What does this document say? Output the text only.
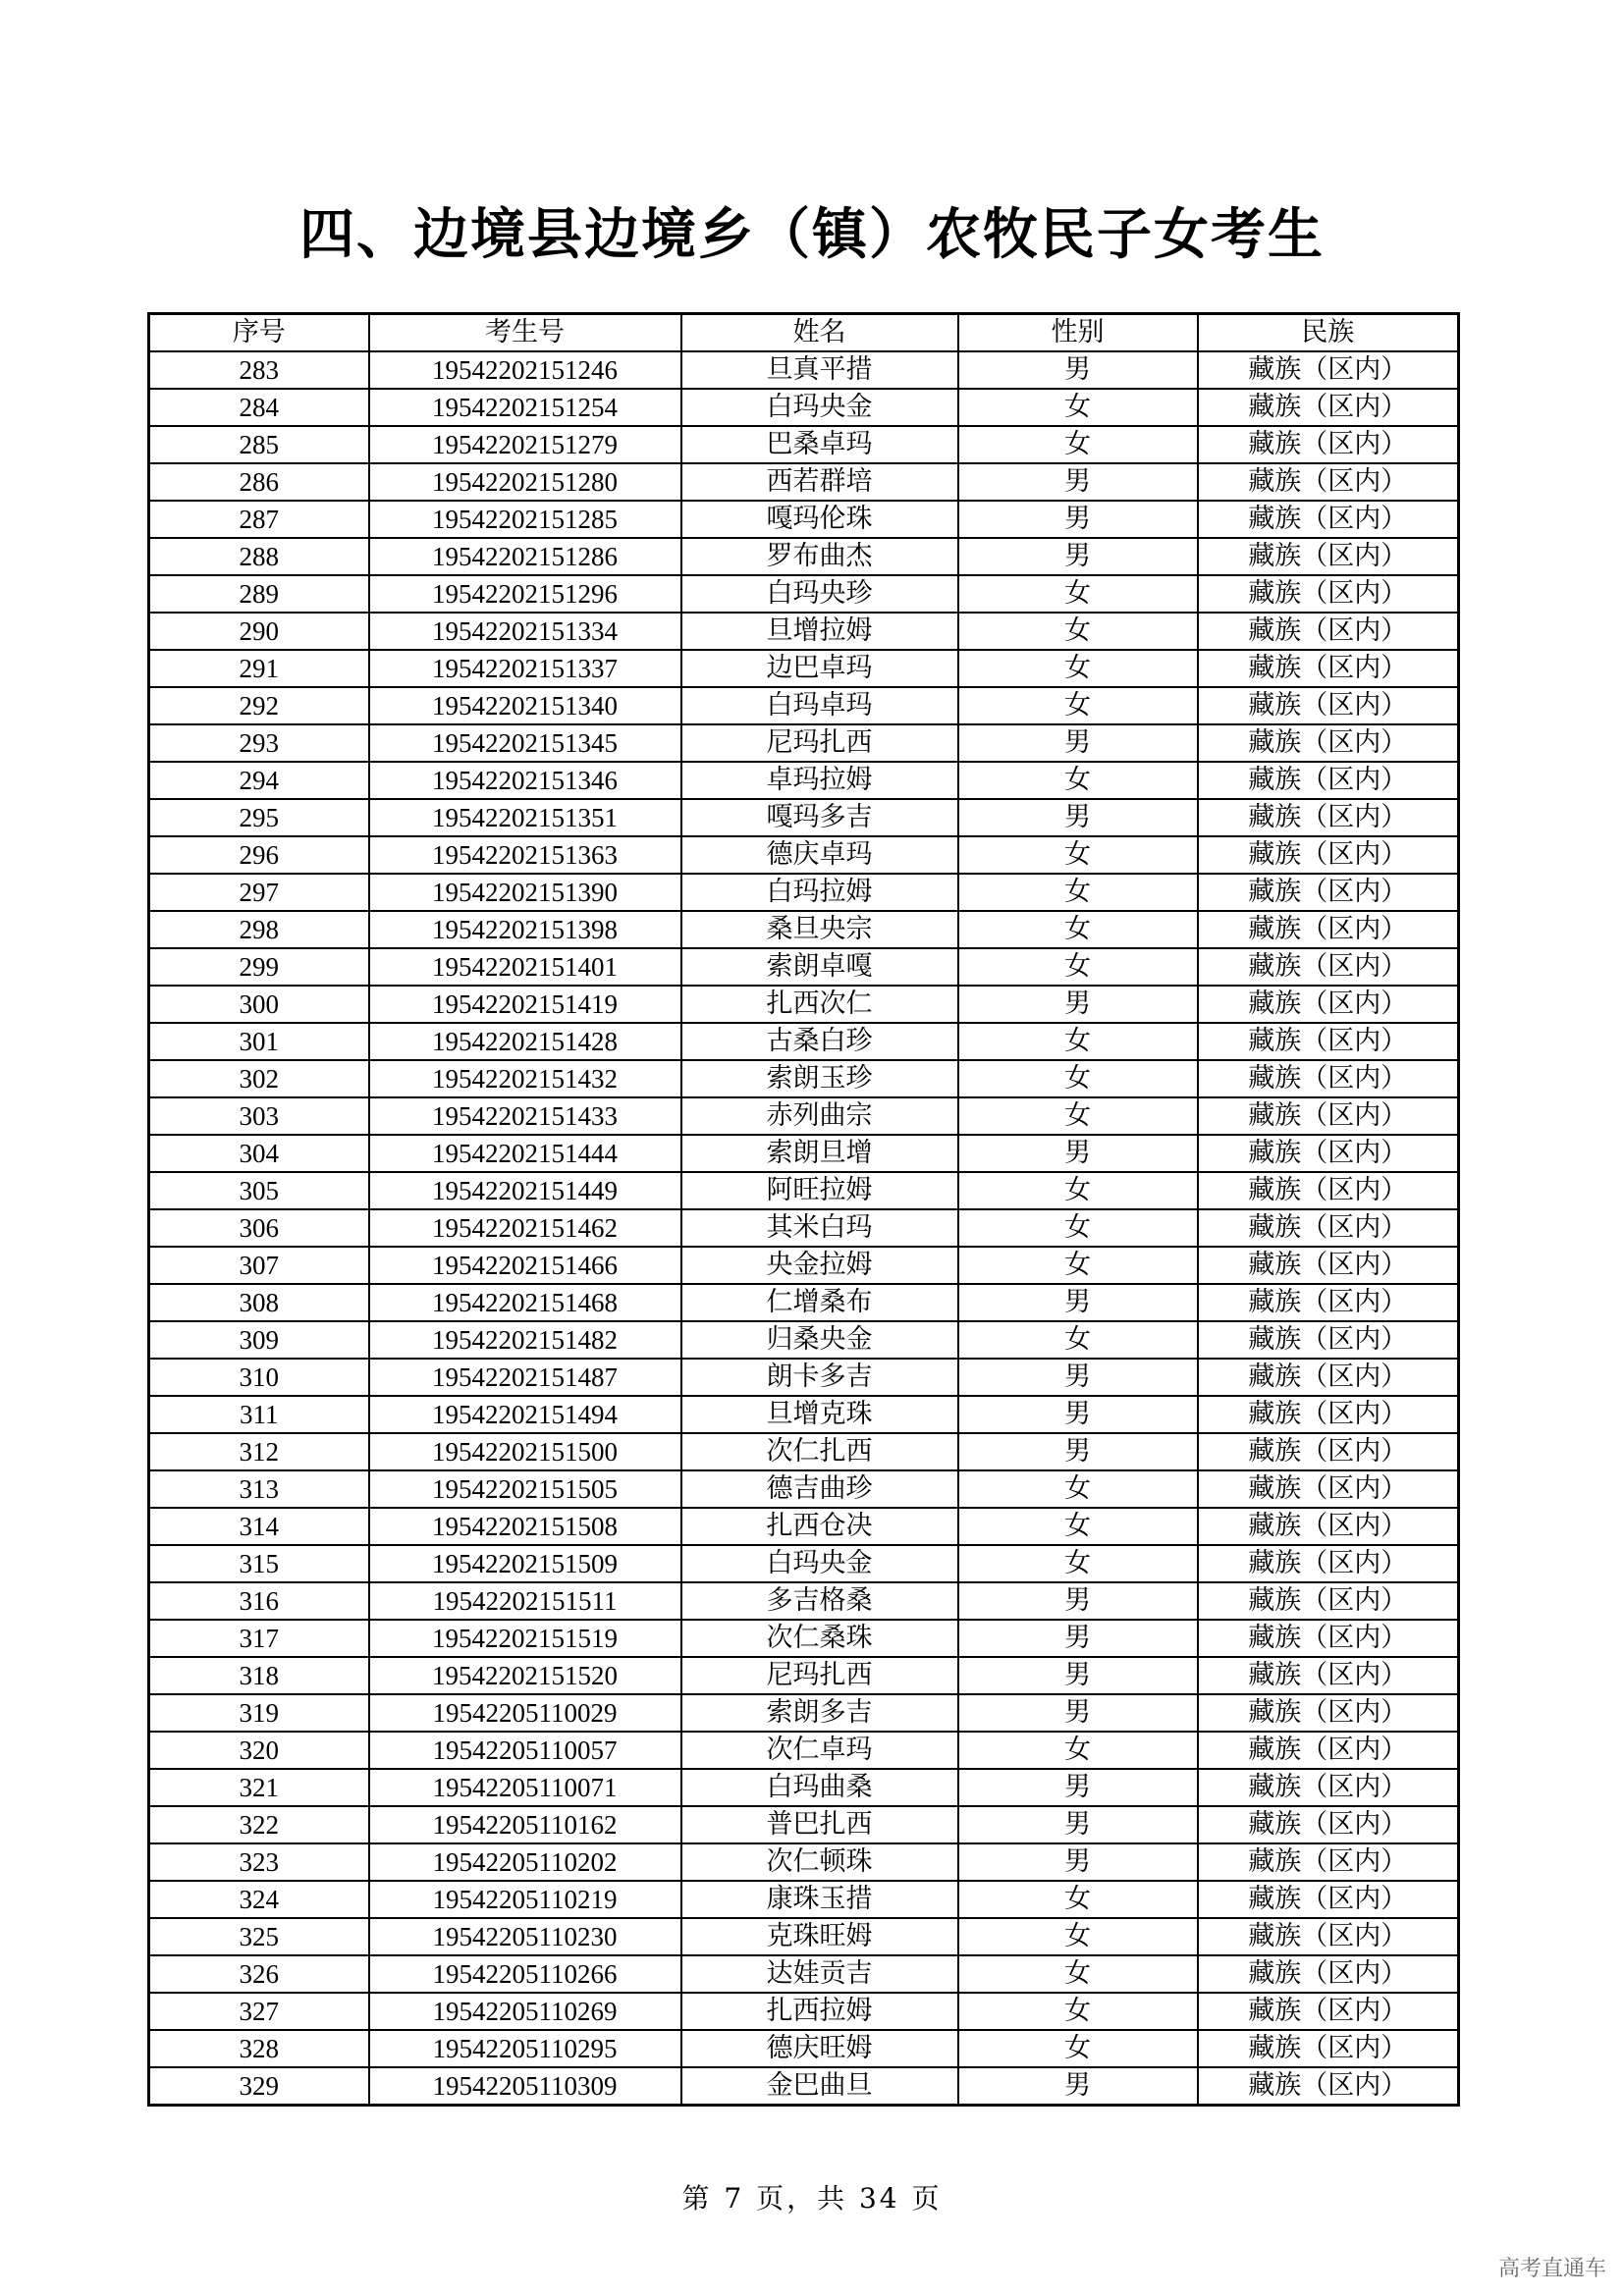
四、边境县边境乡（镇）农牧民子女考生
序号	考生号	姓名	性别	民族
283	19542202151246	旦真平措	男	藏族（区内）
284	19542202151254	白玛央金	女	藏族（区内）
285	19542202151279	巴桑卓玛	女	藏族（区内）
286	19542202151280	西若群培	男	藏族（区内）
287	19542202151285	嘎玛伦珠	男	藏族（区内）
288	19542202151286	罗布曲杰	男	藏族（区内）
289	19542202151296	白玛央珍	女	藏族（区内）
290	19542202151334	旦增拉姆	女	藏族（区内）
291	19542202151337	边巴卓玛	女	藏族（区内）
292	19542202151340	白玛卓玛	女	藏族（区内）
293	19542202151345	尼玛扎西	男	藏族（区内）
294	19542202151346	卓玛拉姆	女	藏族（区内）
295	19542202151351	嘎玛多吉	男	藏族（区内）
296	19542202151363	德庆卓玛	女	藏族（区内）
297	19542202151390	白玛拉姆	女	藏族（区内）
298	19542202151398	桑旦央宗	女	藏族（区内）
299	19542202151401	索朗卓嘎	女	藏族（区内）
300	19542202151419	扎西次仁	男	藏族（区内）
301	19542202151428	古桑白珍	女	藏族（区内）
302	19542202151432	索朗玉珍	女	藏族（区内）
303	19542202151433	赤列曲宗	女	藏族（区内）
304	19542202151444	索朗旦增	男	藏族（区内）
305	19542202151449	阿旺拉姆	女	藏族（区内）
306	19542202151462	其米白玛	女	藏族（区内）
307	19542202151466	央金拉姆	女	藏族（区内）
308	19542202151468	仁增桑布	男	藏族（区内）
309	19542202151482	归桑央金	女	藏族（区内）
310	19542202151487	朗卡多吉	男	藏族（区内）
311	19542202151494	旦增克珠	男	藏族（区内）
312	19542202151500	次仁扎西	男	藏族（区内）
313	19542202151505	德吉曲珍	女	藏族（区内）
314	19542202151508	扎西仓决	女	藏族（区内）
315	19542202151509	白玛央金	女	藏族（区内）
316	19542202151511	多吉格桑	男	藏族（区内）
317	19542202151519	次仁桑珠	男	藏族（区内）
318	19542202151520	尼玛扎西	男	藏族（区内）
319	19542205110029	索朗多吉	男	藏族（区内）
320	19542205110057	次仁卓玛	女	藏族（区内）
321	19542205110071	白玛曲桑	男	藏族（区内）
322	19542205110162	普巴扎西	男	藏族（区内）
323	19542205110202	次仁顿珠	男	藏族（区内）
324	19542205110219	康珠玉措	女	藏族（区内）
325	19542205110230	克珠旺姆	女	藏族（区内）
326	19542205110266	达娃贡吉	女	藏族（区内）
327	19542205110269	扎西拉姆	女	藏族（区内）
328	19542205110295	德庆旺姆	女	藏族（区内）
329	19542205110309	金巴曲旦	男	藏族（区内）
第 7 页，共 34 页
高考直通车
